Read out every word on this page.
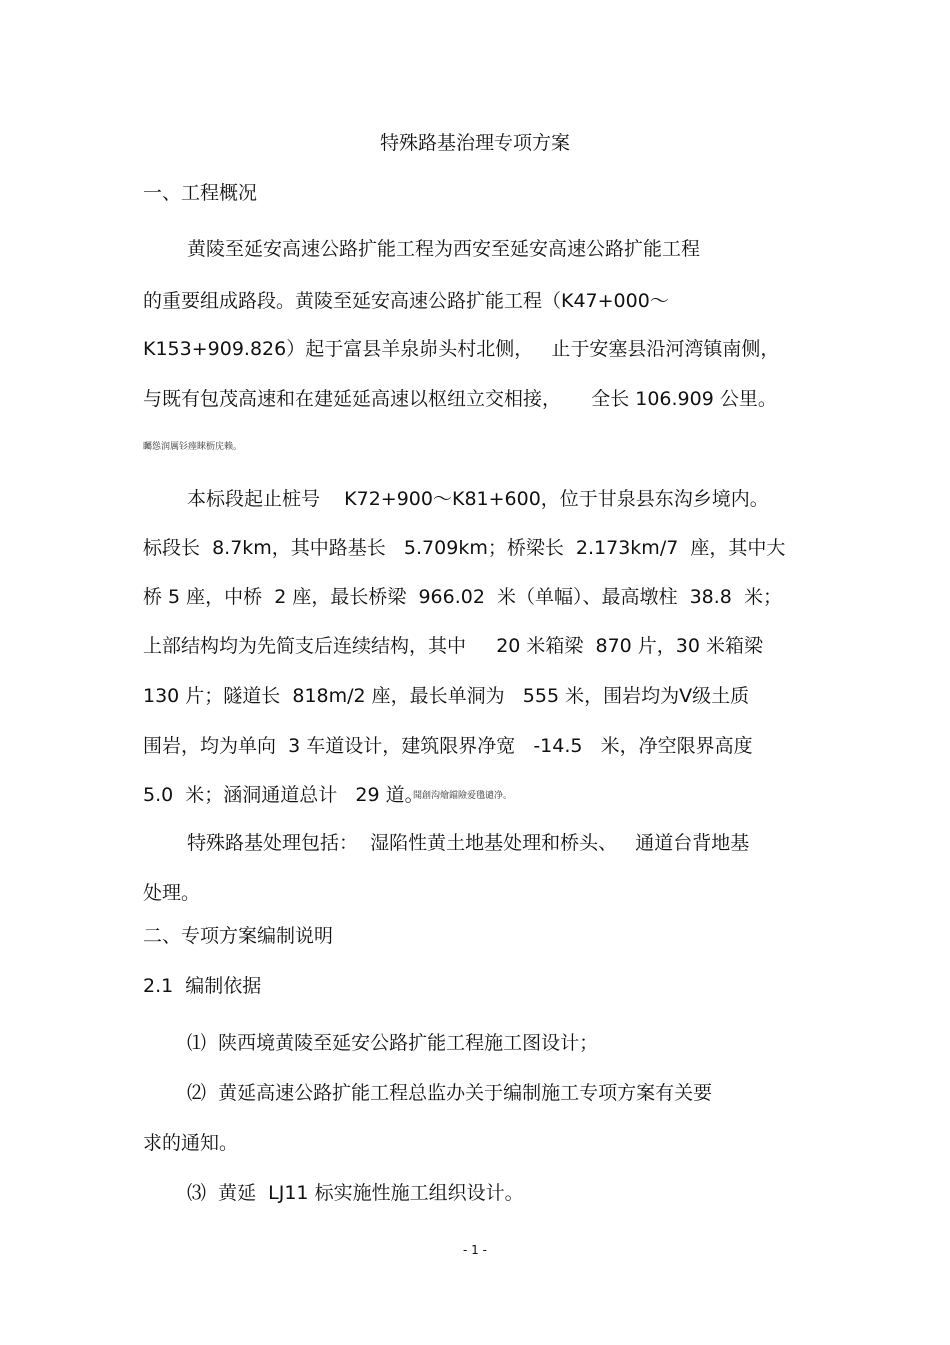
特殊路基治理专项方案
一、工程概况
黄陵至延安高速公路扩能工程为西安至延安高速公路扩能工程
的重要组成路段。黄陵至延安高速公路扩能工程（K47+000～
K153+909.826）起于富县羊泉峁头村北侧，   止于安塞县沿河湾镇南侧，
与既有包茂高速和在建延延高速以枢纽立交相接，     全长 106.909 公里。
矚慫润厲钐瘗睞枥庑赖。
本标段起止桩号    K72+900～K81+600，位于甘泉县东沟乡境内。
标段长  8.7km，其中路基长   5.709km；桥梁长  2.173km/7  座，其中大
桥 5 座，中桥  2 座，最长桥梁  966.02  米（单幅）、最高墩柱  38.8  米；
上部结构均为先简支后连续结构，其中     20 米箱梁  870 片，30 米箱梁
130 片；隧道长  818m/2 座，最长单洞为   555 米，围岩均为Ⅴ级土质
围岩，均为单向  3 车道设计，建筑限界净宽   -14.5   米，净空限界高度
5.0  米；涵洞通道总计   29 道。
聞創沟燴鐺險爱氇谴净。
特殊路基处理包括：  湿陷性黄土地基处理和桥头、   通道台背地基
处理。
二、专项方案编制说明
2.1  编制依据
⑴  陕西境黄陵至延安公路扩能工程施工图设计；
⑵  黄延高速公路扩能工程总监办关于编制施工专项方案有关要
求的通知。
⑶  黄延  LJ11 标实施性施工组织设计。
- 1 -
